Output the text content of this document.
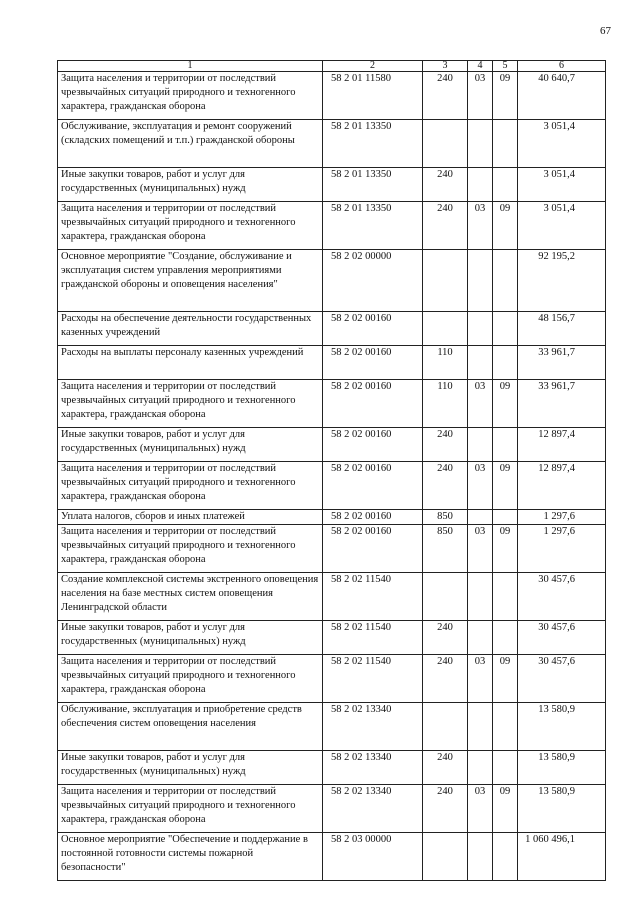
67
1	2	3	4	5	6
Защита населения и территории от последствий чрезвычайных ситуаций природного и техногенного характера, гражданская оборона	58 2 01 11580	240	03	09	40 640,7
Обслуживание, эксплуатация и ремонт сооружений (складских помещений и т.п.) гражданской обороны	58 2 01 13350				3 051,4
Иные закупки товаров, работ и услуг для государственных (муниципальных) нужд	58 2 01 13350	240			3 051,4
Защита населения и территории от последствий чрезвычайных ситуаций природного и техногенного характера, гражданская оборона	58 2 01 13350	240	03	09	3 051,4
Основное мероприятие "Создание, обслуживание и эксплуатация систем управления мероприятиями гражданской обороны и оповещения населения"	58 2 02 00000				92 195,2
Расходы на обеспечение деятельности государственных казенных учреждений	58 2 02 00160				48 156,7
Расходы на выплаты персоналу казенных учреждений	58 2 02 00160	110			33 961,7
Защита населения и территории от последствий чрезвычайных ситуаций природного и техногенного характера, гражданская оборона	58 2 02 00160	110	03	09	33 961,7
Иные закупки товаров, работ и услуг для государственных (муниципальных) нужд	58 2 02 00160	240			12 897,4
Защита населения и территории от последствий чрезвычайных ситуаций природного и техногенного характера, гражданская оборона	58 2 02 00160	240	03	09	12 897,4
Уплата налогов, сборов и иных платежей	58 2 02 00160	850			1 297,6
Защита населения и территории от последствий чрезвычайных ситуаций природного и техногенного характера, гражданская оборона	58 2 02 00160	850	03	09	1 297,6
Создание комплексной системы экстренного оповещения населения на базе местных систем оповещения Ленинградской области	58 2 02 11540				30 457,6
Иные закупки товаров, работ и услуг для государственных (муниципальных) нужд	58 2 02 11540	240			30 457,6
Защита населения и территории от последствий чрезвычайных ситуаций природного и техногенного характера, гражданская оборона	58 2 02 11540	240	03	09	30 457,6
Обслуживание, эксплуатация и приобретение средств обеспечения систем оповещения населения	58 2 02 13340				13 580,9
Иные закупки товаров, работ и услуг для государственных (муниципальных) нужд	58 2 02 13340	240			13 580,9
Защита населения и территории от последствий чрезвычайных ситуаций природного и техногенного характера, гражданская оборона	58 2 02 13340	240	03	09	13 580,9
Основное мероприятие "Обеспечение и поддержание в постоянной готовности системы пожарной безопасности"	58 2 03 00000				1 060 496,1
